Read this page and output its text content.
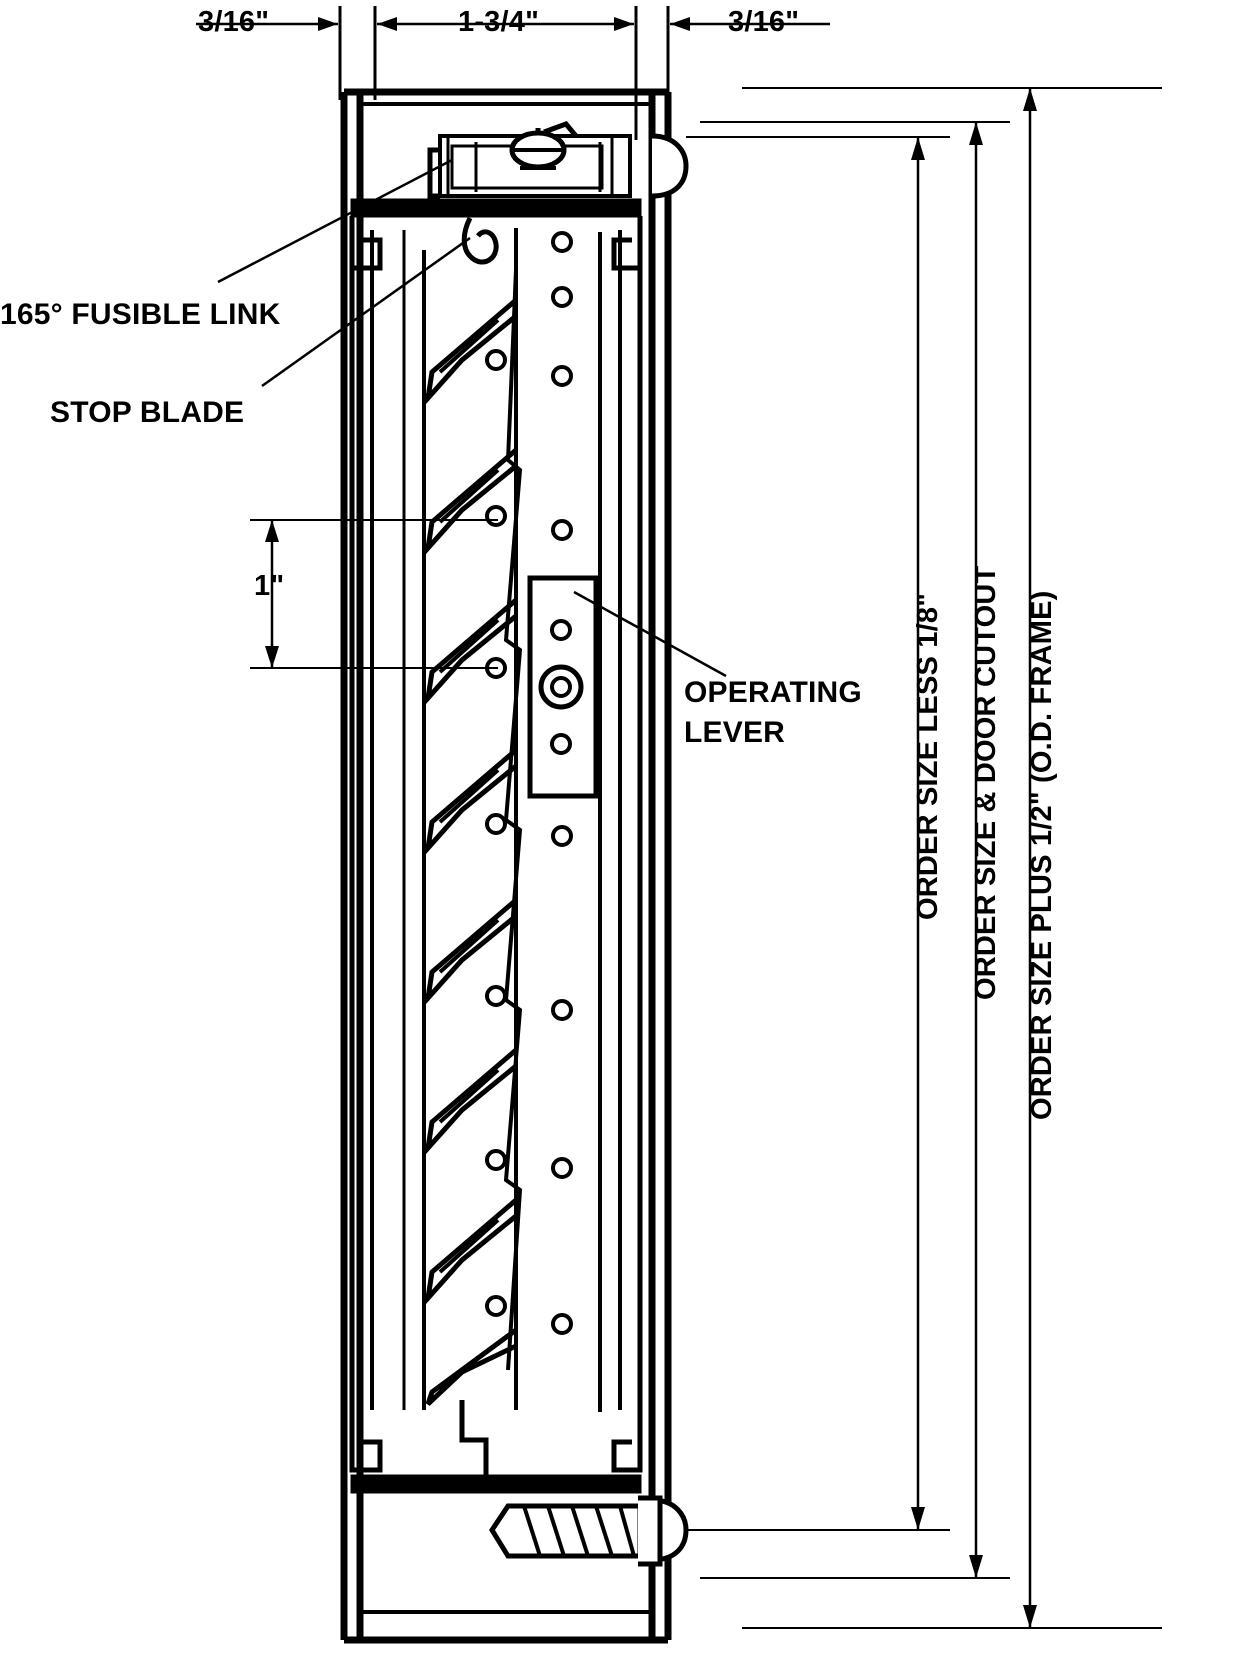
3/16"	1-3/4"	3/16"
1"
165° FUSIBLE LINK
STOP BLADE
OPERATING
LEVER	ORDER SIZE LESS 1/8" ORDER SIZE & DOOR CUTOUT ORDER SIZE PLUS 1/2" (O.D. FRAME)
